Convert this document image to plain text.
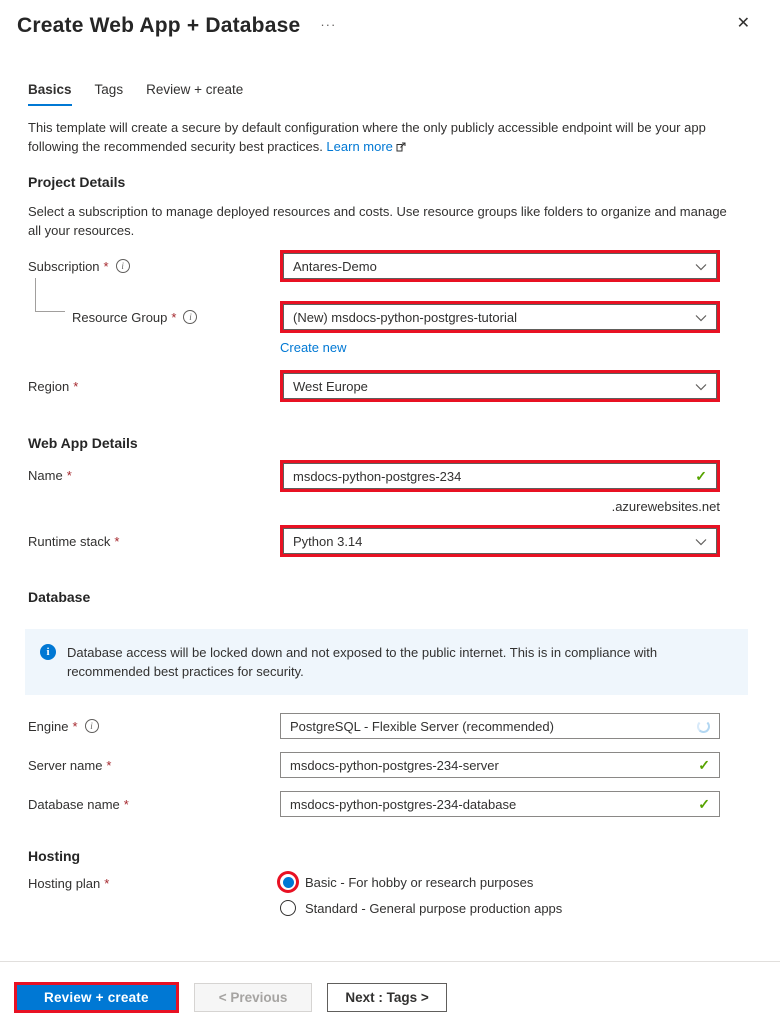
Create Web App + Database ···	✕
Basics Tags Review + create
This template will create a secure by default configuration where the only publicly accessible endpoint will be your app following the recommended security best practices. Learn more
Project Details
Select a subscription to manage deployed resources and costs. Use resource groups like folders to organize and manage all your resources.
Subscription * i	Antares-Demo
Resource Group * i	(New) msdocs-python-postgres-tutorial
Create new
Region *	West Europe
Web App Details
Name *	msdocs-python-postgres-234	✓
.azurewebsites.net
Runtime stack *	Python 3.14
Database
i
Database access will be locked down and not exposed to the public internet. This is in compliance with recommended best practices for security.
Engine * i	PostgreSQL - Flexible Server (recommended)
Server name *	msdocs-python-postgres-234-server	✓
Database name *	msdocs-python-postgres-234-database	✓
Hosting
Hosting plan *	Basic - For hobby or research purposes
Standard - General purpose production apps
Review + create	< Previous	Next : Tags >
